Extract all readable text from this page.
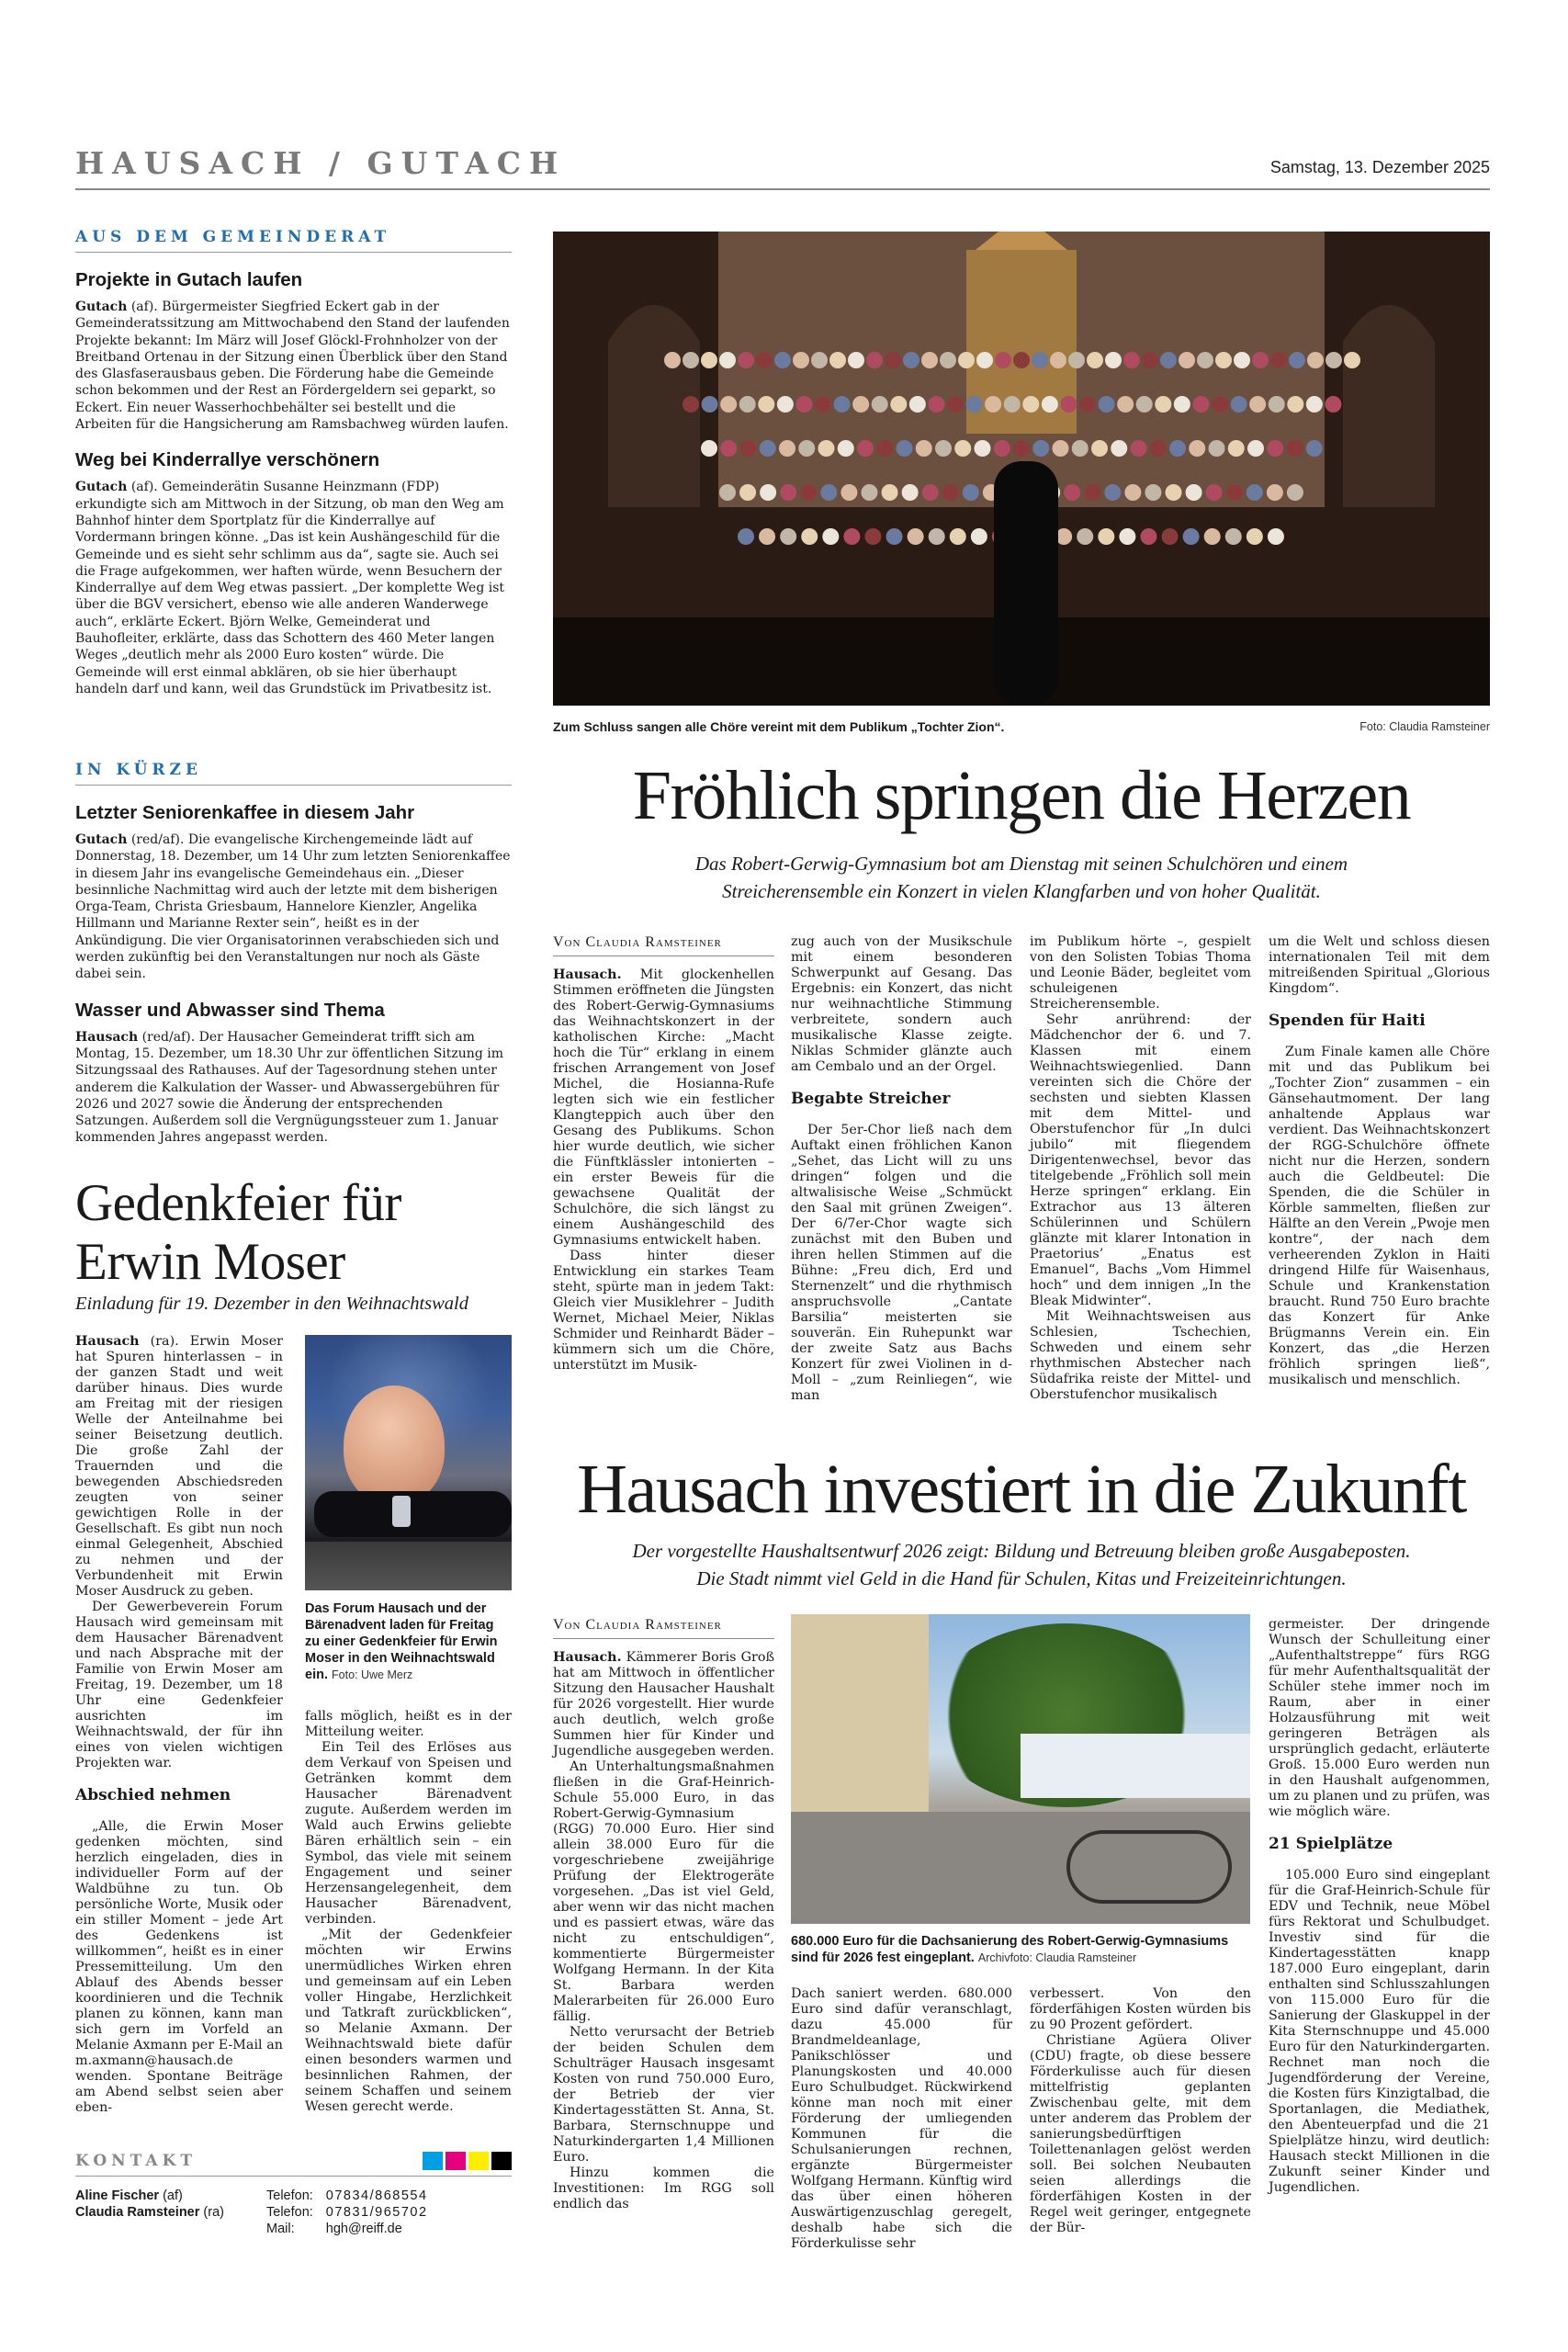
HAUSACH / GUTACH	Samstag, 13. Dezember 2025
AUS DEM GEMEINDERAT
Projekte in Gutach laufen

Gutach (af). Bürgermeister Siegfried Eckert gab in der Gemeinderatssitzung am Mittwochabend den Stand der laufenden Projekte bekannt: Im März will Josef Glöckl-Frohnholzer von der Breitband Ortenau in der Sitzung einen Überblick über den Stand des Glasfaserausbaus geben. Die Förderung habe die Gemeinde schon bekommen und der Rest an Fördergeldern sei geparkt, so Eckert. Ein neuer Wasserhochbehälter sei bestellt und die Arbeiten für die Hangsicherung am Ramsbachweg würden laufen.

Weg bei Kinderrallye verschönern

Gutach (af). Gemeinderätin Susanne Heinzmann (FDP) erkundigte sich am Mittwoch in der Sitzung, ob man den Weg am Bahnhof hinter dem Sportplatz für die Kinderrallye auf Vordermann bringen könne. „Das ist kein Aushängeschild für die Gemeinde und es sieht sehr schlimm aus da“, sagte sie. Auch sei die Frage aufgekommen, wer haften würde, wenn Besuchern der Kinderrallye auf dem Weg etwas passiert. „Der komplette Weg ist über die BGV versichert, ebenso wie alle anderen Wanderwege auch“, erklärte Eckert. Björn Welke, Gemeinderat und Bauhofleiter, erklärte, dass das Schottern des 460 Meter langen Weges „deutlich mehr als 2000 Euro kosten“ würde. Die Gemeinde will erst einmal abklären, ob sie hier überhaupt handeln darf und kann, weil das Grundstück im Privatbesitz ist.

IN KÜRZE
Letzter Seniorenkaffee in diesem Jahr

Gutach (red/af). Die evangelische Kirchengemeinde lädt auf Donnerstag, 18. Dezember, um 14 Uhr zum letzten Seniorenkaffee in diesem Jahr ins evangelische Gemeindehaus ein. „Dieser besinnliche Nachmittag wird auch der letzte mit dem bisherigen Orga-Team, Christa Griesbaum, Hannelore Kienzler, Angelika Hillmann und Marianne Rexter sein“, heißt es in der Ankündigung. Die vier Organisatorinnen verabschieden sich und werden zukünftig bei den Veranstaltungen nur noch als Gäste dabei sein.

Wasser und Abwasser sind Thema

Hausach (red/af). Der Hausacher Gemeinderat trifft sich am Montag, 15. Dezember, um 18.30 Uhr zur öffentlichen Sitzung im Sitzungssaal des Rathauses. Auf der Tagesordnung stehen unter anderem die Kalkulation der Wasser- und Abwassergebühren für 2026 und 2027 sowie die Änderung der entsprechenden Satzungen. Außerdem soll die Vergnügungssteuer zum 1. Januar kommenden Jahres angepasst werden.

Gedenkfeier für Erwin Moser
Einladung für 19. Dezember in den Weihnachtswald

Hausach (ra). Erwin Moser hat Spuren hinterlassen – in der ganzen Stadt und weit darüber hinaus. Dies wurde am Freitag mit der riesigen Welle der Anteilnahme bei seiner Beisetzung deutlich. Die große Zahl der Trauernden und die bewegenden Abschiedsreden zeugten von seiner gewichtigen Rolle in der Gesellschaft. Es gibt nun noch einmal Gelegenheit, Abschied zu nehmen und der Verbundenheit mit Erwin Moser Ausdruck zu geben.

Der Gewerbeverein Forum Hausach wird gemeinsam mit dem Hausacher Bärenadvent und nach Absprache mit der Familie von Erwin Moser am Freitag, 19. Dezember, um 18 Uhr eine Gedenkfeier ausrichten im Weihnachtswald, der für ihn eines von vielen wichtigen Projekten war.

Abschied nehmen

„Alle, die Erwin Moser gedenken möchten, sind herzlich eingeladen, dies in individueller Form auf der Waldbühne zu tun. Ob persönliche Worte, Musik oder ein stiller Moment – jede Art des Gedenkens ist willkommen“, heißt es in einer Pressemitteilung. Um den Ablauf des Abends besser koordinieren und die Technik planen zu können, kann man sich gern im Vorfeld an Melanie Axmann per E-Mail an m.axmann@hausach.de wenden. Spontane Beiträge am Abend selbst seien aber eben-

Das Forum Hausach und der Bärenadvent laden für Freitag zu einer Gedenkfeier für Erwin Moser in den Weihnachtswald ein. Foto: Uwe Merz

falls möglich, heißt es in der Mitteilung weiter.

Ein Teil des Erlöses aus dem Verkauf von Speisen und Getränken kommt dem Hausacher Bärenadvent zugute. Außerdem werden im Wald auch Erwins geliebte Bären erhältlich sein – ein Symbol, das viele mit seinem Engagement und seiner Herzensangelegenheit, dem Hausacher Bärenadvent, verbinden.

„Mit der Gedenkfeier möchten wir Erwins unermüdliches Wirken ehren und gemeinsam auf ein Leben voller Hingabe, Herzlichkeit und Tatkraft zurückblicken“, so Melanie Axmann. Der Weihnachtswald biete dafür einen besonders warmen und besinnlichen Rahmen, der seinem Schaffen und seinem Wesen gerecht werde.

KONTAKT
Aline Fischer (af)	Telefon:	07834/868554
Claudia Ramsteiner (ra)	Telefon:	07831/965702
	Mail:	hgh@reiff.de
Zum Schluss sangen alle Chöre vereint mit dem Publikum „Tochter Zion“.	Foto: Claudia Ramsteiner
Fröhlich springen die Herzen
Das Robert-Gerwig-Gymnasium bot am Dienstag mit seinen Schulchören und einem
Streicherensemble ein Konzert in vielen Klangfarben und von hoher Qualität.
Von Claudia Ramsteiner

Hausach. Mit glockenhellen Stimmen eröffneten die Jüngsten des Robert-Gerwig-Gymnasiums das Weihnachtskonzert in der katholischen Kirche: „Macht hoch die Tür“ erklang in einem frischen Arrangement von Josef Michel, die Hosianna-Rufe legten sich wie ein festlicher Klangteppich auch über den Gesang des Publikums. Schon hier wurde deutlich, wie sicher die Fünftklässler intonierten – ein erster Beweis für die gewachsene Qualität der Schulchöre, die sich längst zu einem Aushängeschild des Gymnasiums entwickelt haben.

Dass hinter dieser Entwicklung ein starkes Team steht, spürte man in jedem Takt: Gleich vier Musiklehrer – Judith Wernet, Michael Meier, Niklas Schmider und Reinhardt Bäder – kümmern sich um die Chöre, unterstützt im Musik-

zug auch von der Musikschule mit einem besonderen Schwerpunkt auf Gesang. Das Ergebnis: ein Konzert, das nicht nur weihnachtliche Stimmung verbreitete, sondern auch musikalische Klasse zeigte. Niklas Schmider glänzte auch am Cembalo und an der Orgel.

Begabte Streicher

Der 5er-Chor ließ nach dem Auftakt einen fröhlichen Kanon „Sehet, das Licht will zu uns dringen“ folgen und die altwalisische Weise „Schmückt den Saal mit grünen Zweigen“. Der 6/7er-Chor wagte sich zunächst mit den Buben und ihren hellen Stimmen auf die Bühne: „Freu dich, Erd und Sternenzelt“ und die rhythmisch anspruchsvolle „Cantate Barsilia“ meisterten sie souverän. Ein Ruhepunkt war der zweite Satz aus Bachs Konzert für zwei Violinen in d-Moll – „zum Reinliegen“, wie man

im Publikum hörte –, gespielt von den Solisten Tobias Thoma und Leonie Bäder, begleitet vom schuleigenen Streicherensemble.

Sehr anrührend: der Mädchenchor der 6. und 7. Klassen mit einem Weihnachtswiegenlied. Dann vereinten sich die Chöre der sechsten und siebten Klassen mit dem Mittel- und Oberstufenchor für „In dulci jubilo“ mit fliegendem Dirigentenwechsel, bevor das titelgebende „Fröhlich soll mein Herze springen“ erklang. Ein Extrachor aus 13 älteren Schülerinnen und Schülern glänzte mit klarer Intonation in Praetorius’ „Enatus est Emanuel“, Bachs „Vom Himmel hoch“ und dem innigen „In the Bleak Midwinter“.

Mit Weihnachtsweisen aus Schlesien, Tschechien, Schweden und einem sehr rhythmischen Abstecher nach Südafrika reiste der Mittel- und Oberstufenchor musikalisch

um die Welt und schloss diesen internationalen Teil mit dem mitreißenden Spiritual „Glorious Kingdom“.

Spenden für Haiti

Zum Finale kamen alle Chöre mit und das Publikum bei „Tochter Zion“ zusammen – ein Gänsehautmoment. Der lang anhaltende Applaus war verdient. Das Weihnachtskonzert der RGG-Schulchöre öffnete nicht nur die Herzen, sondern auch die Geldbeutel: Die Spenden, die die Schüler in Körble sammelten, fließen zur Hälfte an den Verein „Pwoje men kontre“, der nach dem verheerenden Zyklon in Haiti dringend Hilfe für Waisenhaus, Schule und Krankenstation braucht. Rund 750 Euro brachte das Konzert für Anke Brügmanns Verein ein. Ein Konzert, das „die Herzen fröhlich springen ließ“, musikalisch und menschlich.

Hausach investiert in die Zukunft
Der vorgestellte Haushaltsentwurf 2026 zeigt: Bildung und Betreuung bleiben große Ausgabeposten.
Die Stadt nimmt viel Geld in die Hand für Schulen, Kitas und Freizeiteinrichtungen.
Von Claudia Ramsteiner

Hausach. Kämmerer Boris Groß hat am Mittwoch in öffentlicher Sitzung den Hausacher Haushalt für 2026 vorgestellt. Hier wurde auch deutlich, welch große Summen hier für Kinder und Jugendliche ausgegeben werden.

An Unterhaltungsmaßnahmen fließen in die Graf-Heinrich-Schule 55.000 Euro, in das Robert-Gerwig-Gymnasium (RGG) 70.000 Euro. Hier sind allein 38.000 Euro für die vorgeschriebene zweijährige Prüfung der Elektrogeräte vorgesehen. „Das ist viel Geld, aber wenn wir das nicht machen und es passiert etwas, wäre das nicht zu entschuldigen“, kommentierte Bürgermeister Wolfgang Hermann. In der Kita St. Barbara werden Malerarbeiten für 26.000 Euro fällig.

Netto verursacht der Betrieb der beiden Schulen dem Schulträger Hausach insgesamt Kosten von rund 750.000 Euro, der Betrieb der vier Kindertagesstätten St. Anna, St. Barbara, Sternschnuppe und Naturkindergarten 1,4 Millionen Euro.

Hinzu kommen die Investitionen: Im RGG soll endlich das

680.000 Euro für die Dachsanierung des Robert-Gerwig-Gymnasiums sind für 2026 fest eingeplant. Archivfoto: Claudia Ramsteiner

Dach saniert werden. 680.000 Euro sind dafür veranschlagt, dazu 45.000 für Brandmeldeanlage, Panikschlösser und Planungskosten und 40.000 Euro Schulbudget. Rückwirkend könne man noch mit einer Förderung der umliegenden Kommunen für die Schulsanierungen rechnen, ergänzte Bürgermeister Wolfgang Hermann. Künftig wird das über einen höheren Auswärtigenzuschlag geregelt, deshalb habe sich die Förderkulisse sehr

verbessert. Von den förderfähigen Kosten würden bis zu 90 Prozent gefördert.

Christiane Agüera Oliver (CDU) fragte, ob diese bessere Förderkulisse auch für diesen mittelfristig geplanten Zwischenbau gelte, mit dem unter anderem das Problem der sanierungsbedürftigen Toilettenanlagen gelöst werden soll. Bei solchen Neubauten seien allerdings die förderfähigen Kosten in der Regel weit geringer, entgegnete der Bür-

germeister. Der dringende Wunsch der Schulleitung einer „Aufenthaltstreppe“ fürs RGG für mehr Aufenthaltsqualität der Schüler stehe immer noch im Raum, aber in einer Holzausführung mit weit geringeren Beträgen als ursprünglich gedacht, erläuterte Groß. 15.000 Euro werden nun in den Haushalt aufgenommen, um zu planen und zu prüfen, was wie möglich wäre.

21 Spielplätze

105.000 Euro sind eingeplant für die Graf-Heinrich-Schule für EDV und Technik, neue Möbel fürs Rektorat und Schulbudget. Investiv sind für die Kindertagesstätten knapp 187.000 Euro eingeplant, darin enthalten sind Schlusszahlungen von 115.000 Euro für die Sanierung der Glaskuppel in der Kita Sternschnuppe und 45.000 Euro für den Naturkindergarten. Rechnet man noch die Jugendförderung der Vereine, die Kosten fürs Kinzigtalbad, die Sportanlagen, die Mediathek, den Abenteuerpfad und die 21 Spielplätze hinzu, wird deutlich: Hausach steckt Millionen in die Zukunft seiner Kinder und Jugendlichen.
